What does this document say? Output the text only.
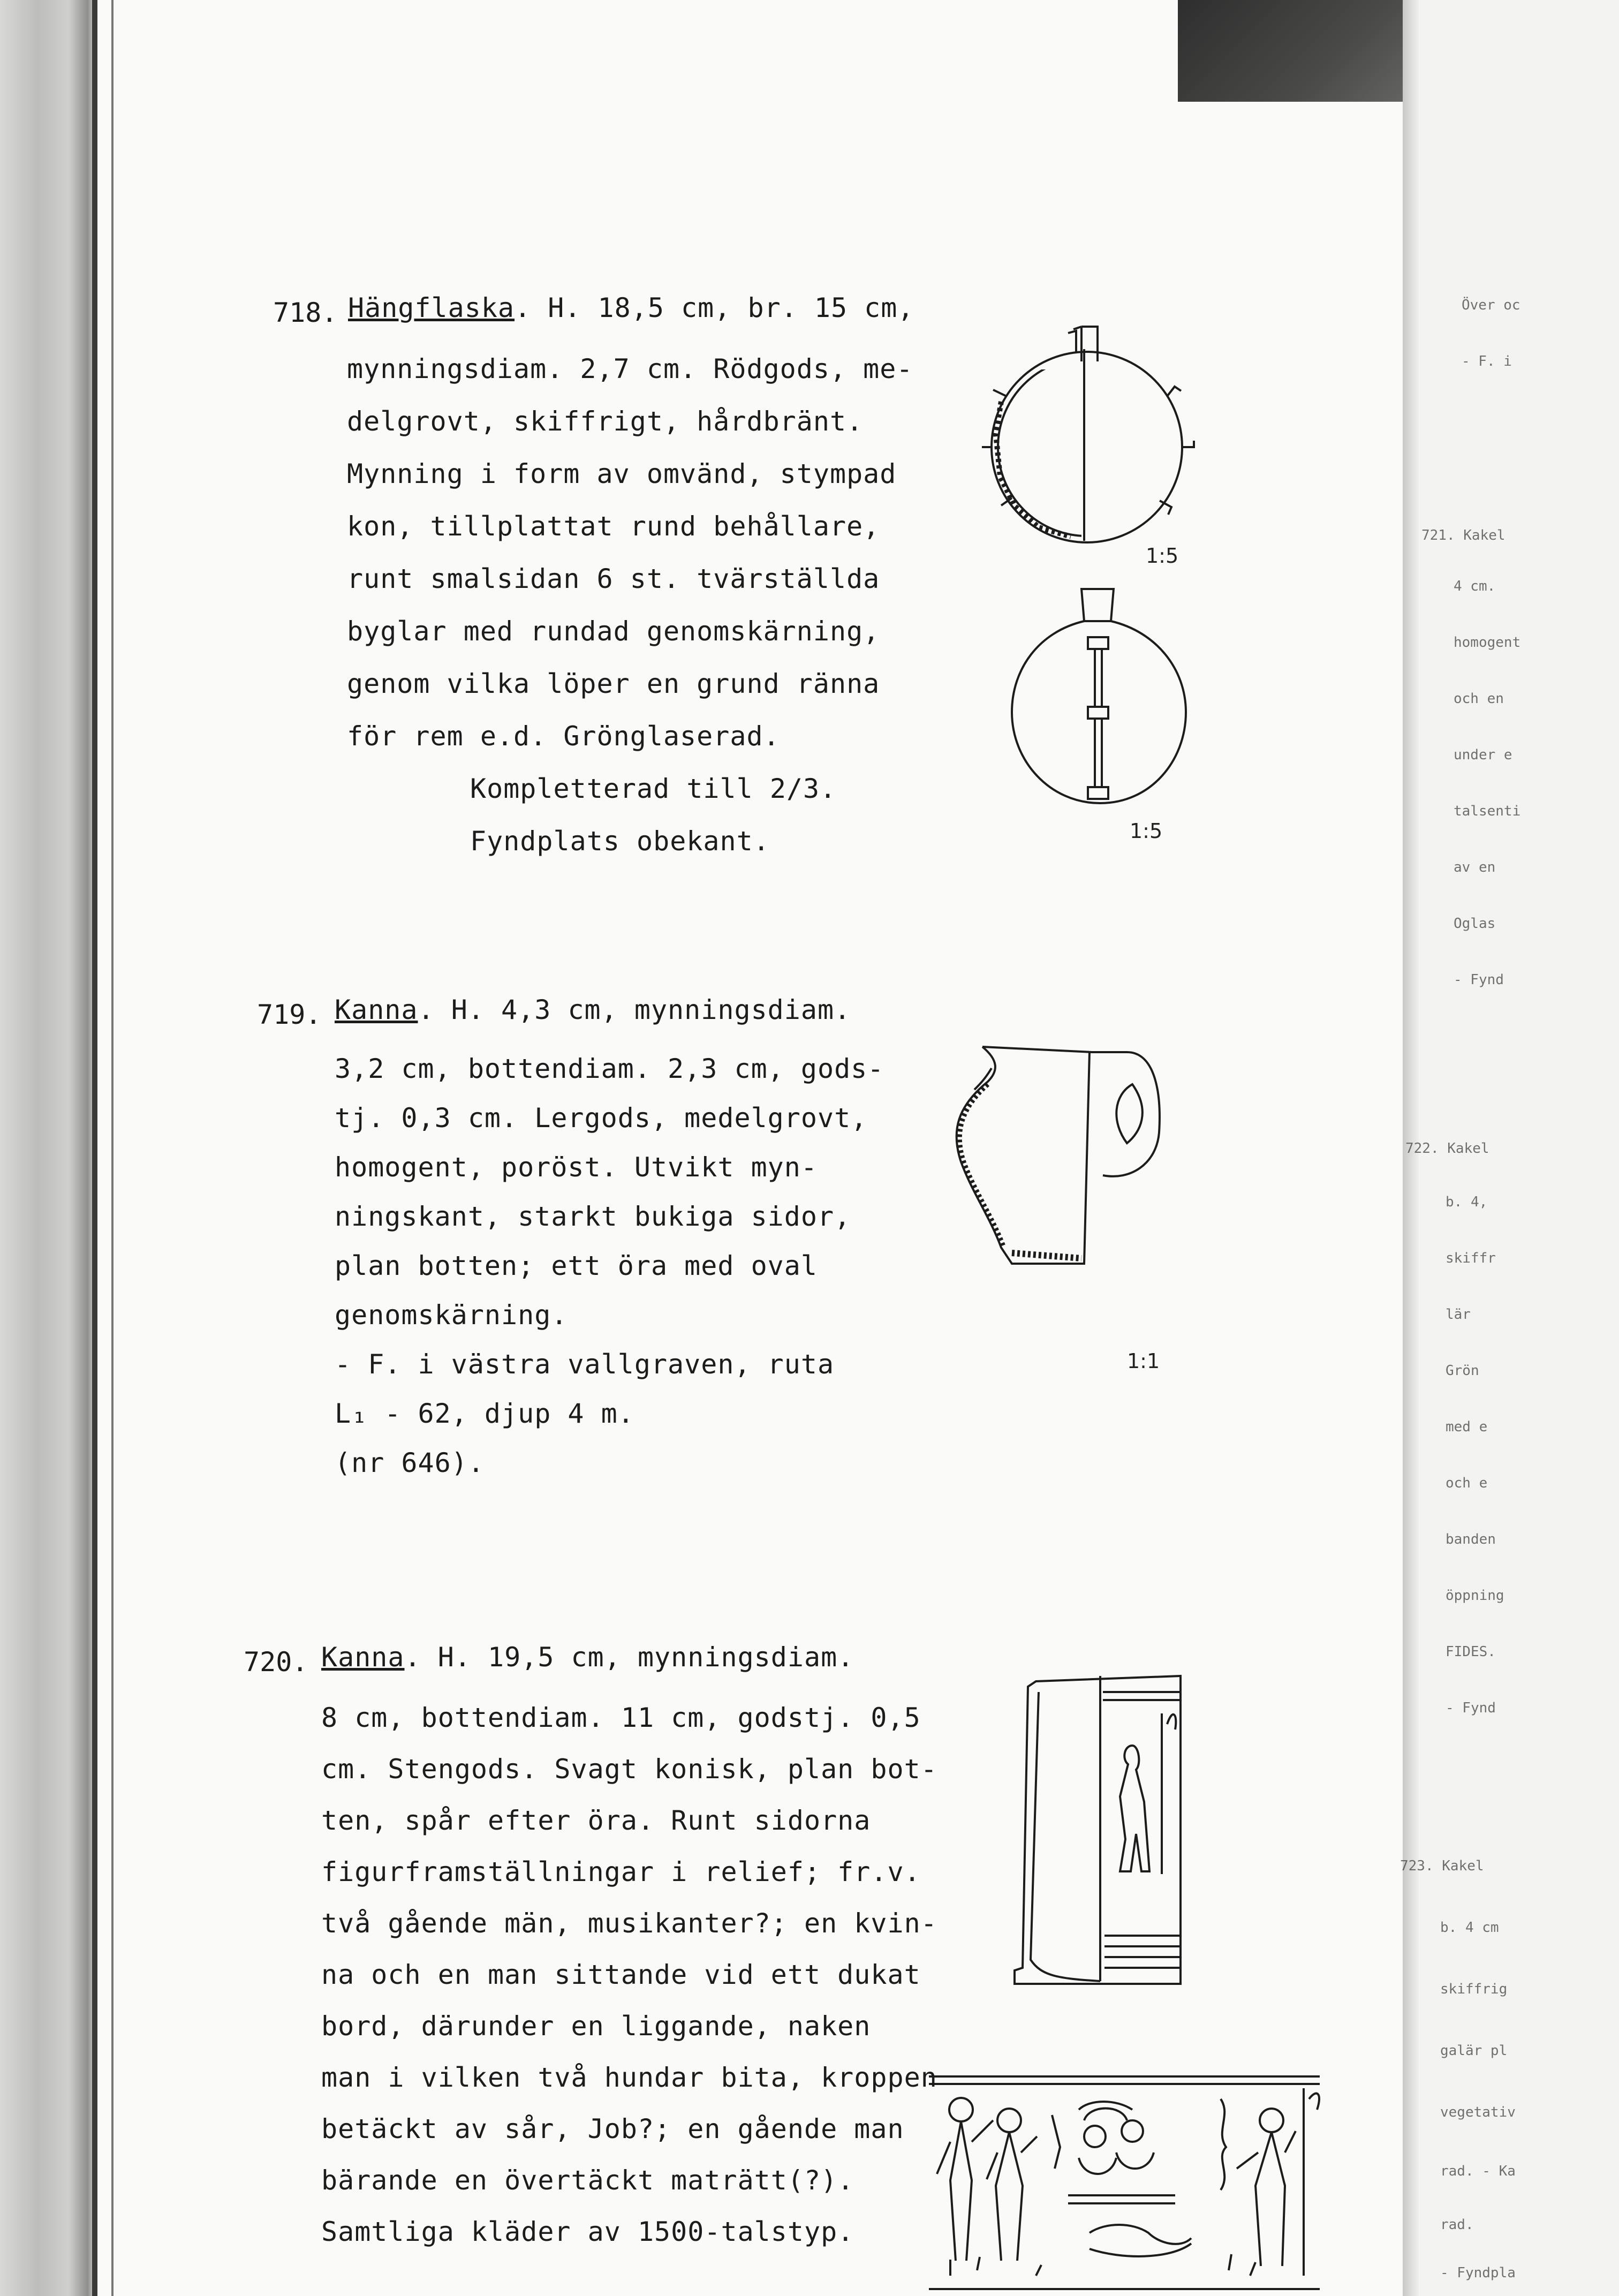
718. Hängflaska. H. 18,5 cm, br. 15 cm,
mynningsdiam. 2,7 cm. Rödgods, me-
delgrovt, skiffrigt, hårdbränt.
Mynning i form av omvänd, stympad
kon, tillplattat rund behållare,
runt smalsidan 6 st. tvärställda
byglar med rundad genomskärning,
genom vilka löper en grund ränna
för rem e.d. Grönglaserad.
Kompletterad till 2/3.
Fyndplats obekant.
1:5
1:5
719. Kanna. H. 4,3 cm, mynningsdiam.
3,2 cm, bottendiam. 2,3 cm, gods-
tj. 0,3 cm. Lergods, medelgrovt,
homogent, poröst. Utvikt myn-
ningskant, starkt bukiga sidor,
plan botten; ett öra med oval
genomskärning.
- F. i västra vallgraven, ruta
L₁ - 62, djup 4 m.
(nr 646).
1:1
720. Kanna. H. 19,5 cm, mynningsdiam.
8 cm, bottendiam. 11 cm, godstj. 0,5
cm. Stengods. Svagt konisk, plan bot-
ten, spår efter öra. Runt sidorna
figurframställningar i relief; fr.v.
två gående män, musikanter?; en kvin-
na och en man sittande vid ett dukat
bord, därunder en liggande, naken
man i vilken två hundar bita, kroppen
betäckt av sår, Job?; en gående man
bärande en övertäckt maträtt(?).
Samtliga kläder av 1500-talstyp.
Över oc
- F. i
721. Kakel
4 cm.
homogent
och en
under e
talsenti
av en
Oglas
- Fynd
722. Kakel
b. 4,
skiffr
lär
Grön
med e
och e
banden
öppning
FIDES.
- Fynd
723. Kakel
b. 4 cm
skiffrig
galär pl
vegetativ
rad. - Ka
rad.
- Fyndpla
